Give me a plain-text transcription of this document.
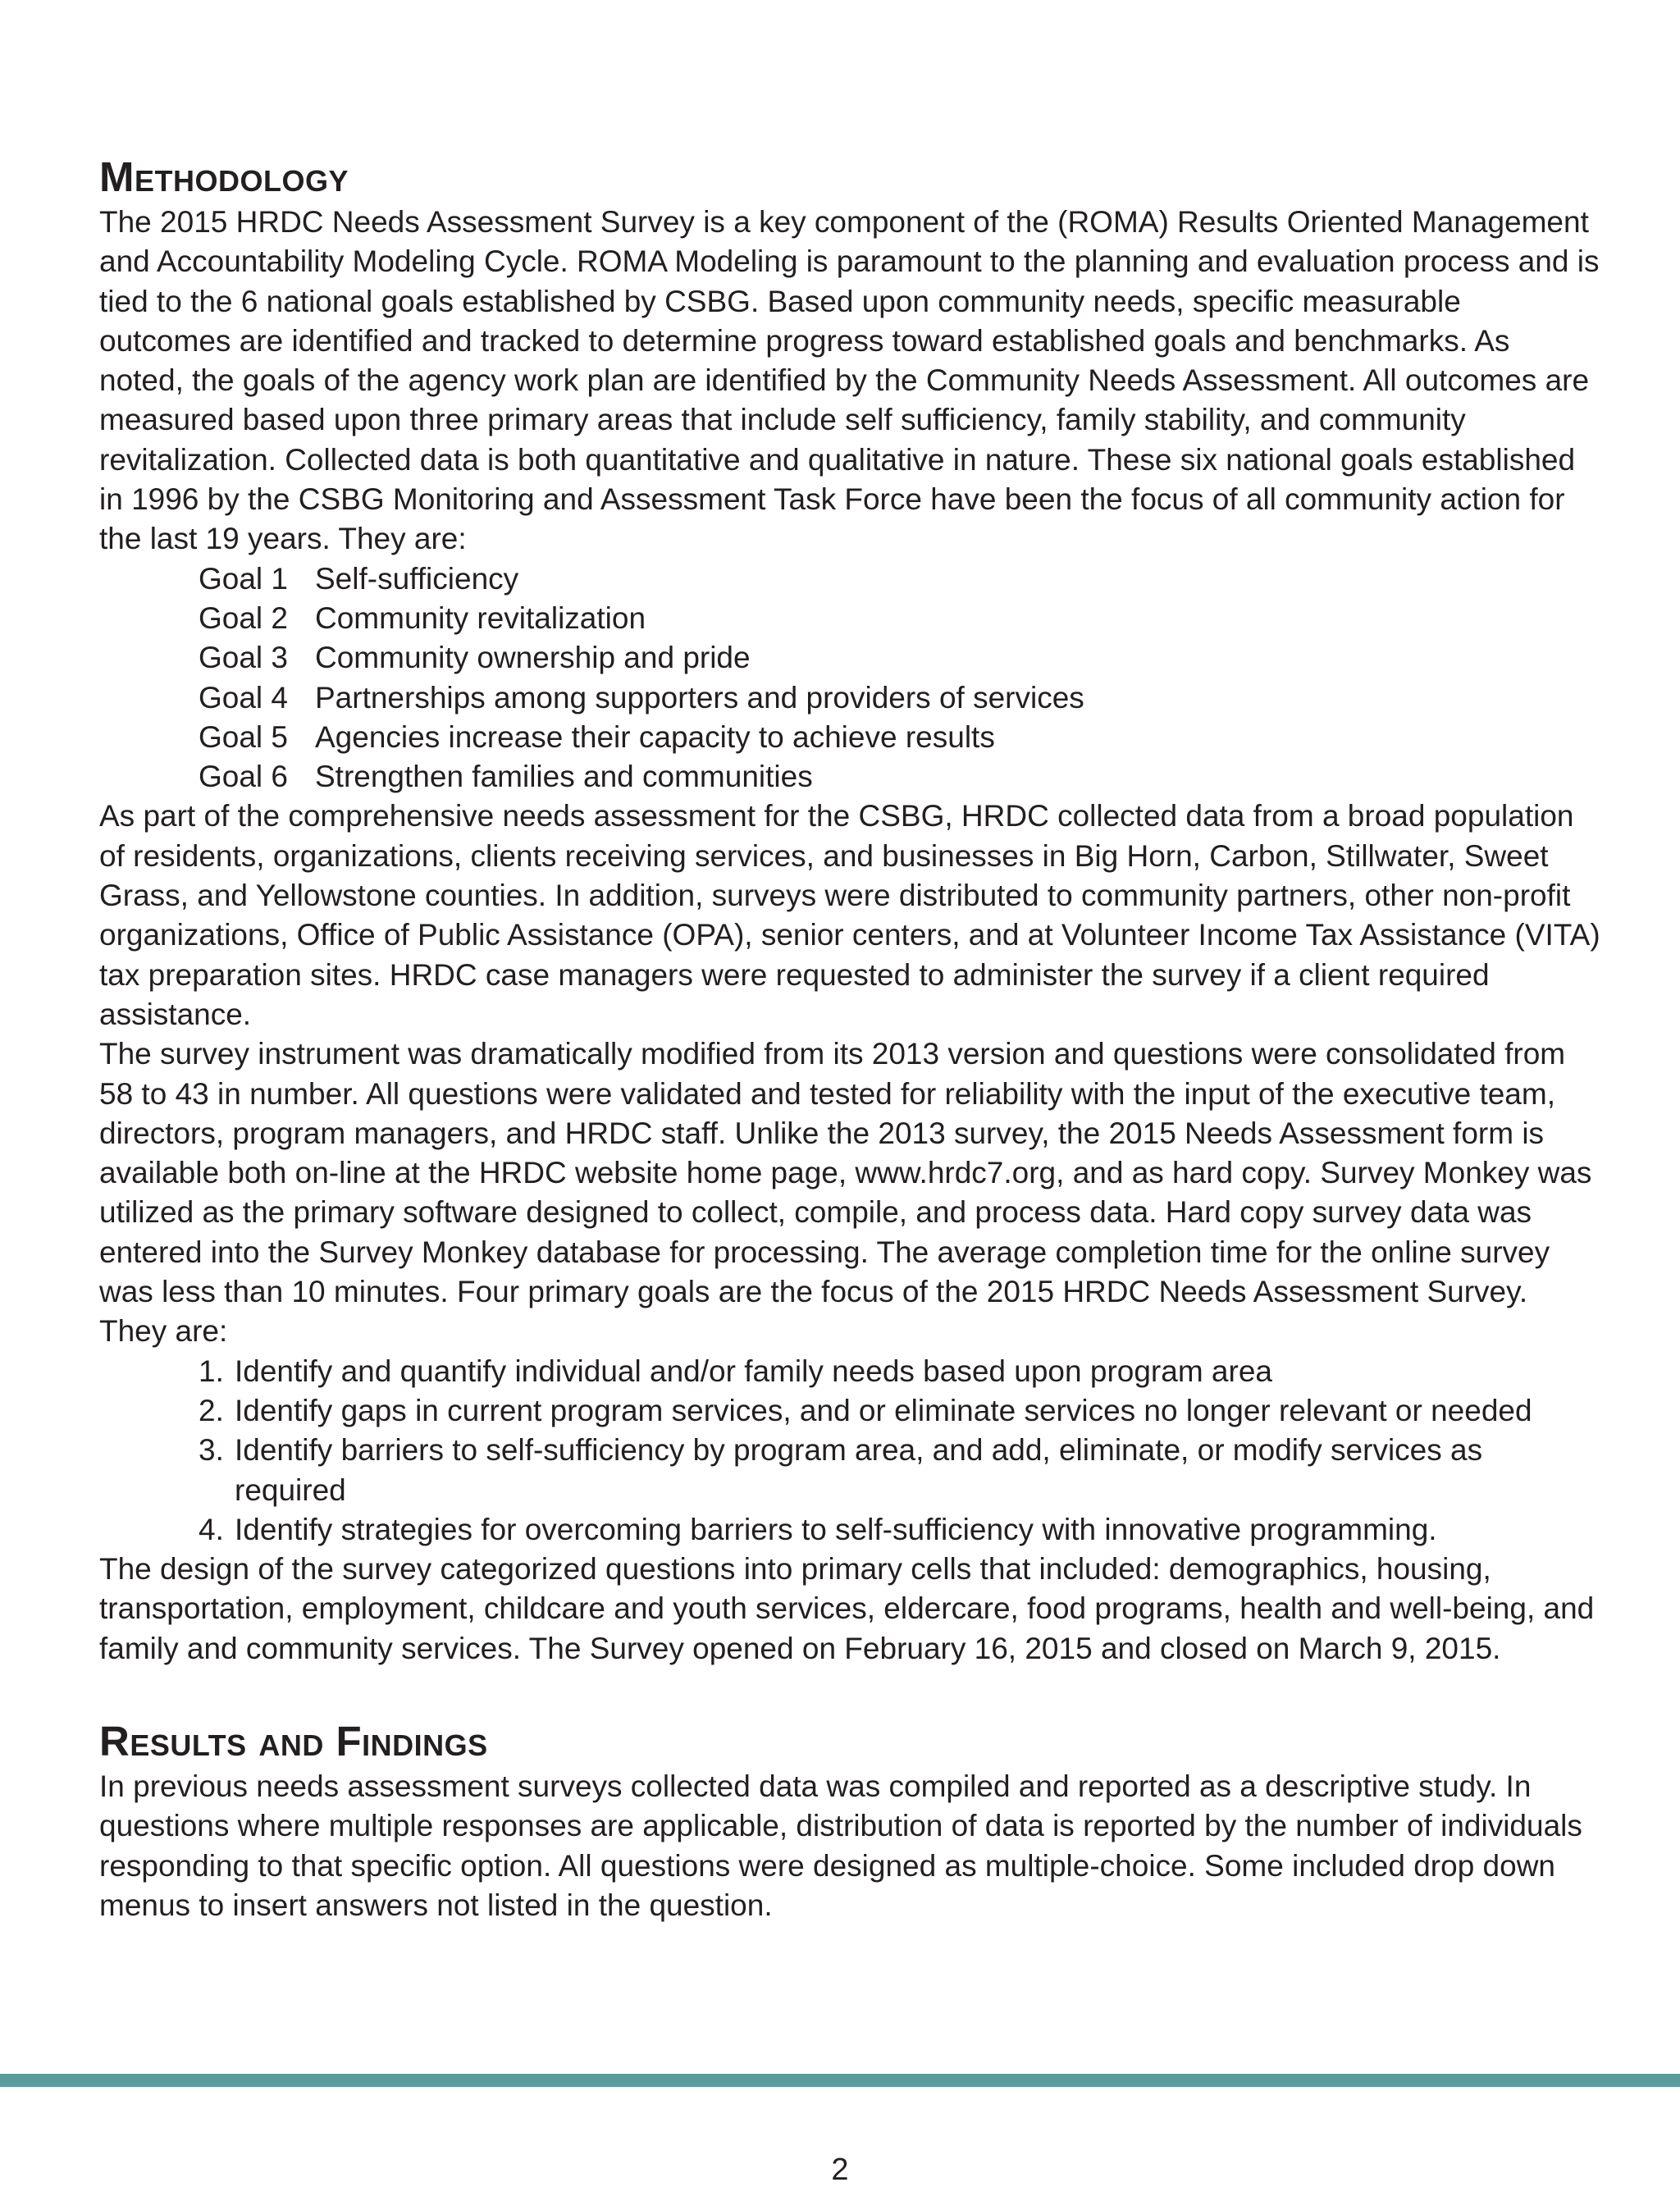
Methodology

The 2015 HRDC Needs Assessment Survey is a key component of the (ROMA) Results Oriented Management and Accountability Modeling Cycle. ROMA Modeling is paramount to the planning and evaluation process and is tied to the 6 national goals established by CSBG. Based upon community needs, specific measurable outcomes are identified and tracked to determine progress toward established goals and benchmarks. As noted, the goals of the agency work plan are identified by the Community Needs Assessment. All outcomes are measured based upon three primary areas that include self sufficiency, family stability, and community revitalization. Collected data is both quantitative and qualitative in nature. These six national goals established in 1996 by the CSBG Monitoring and Assessment Task Force have been the focus of all community action for the last 19 years. They are:

Goal 1 Self-sufficiency
Goal 2 Community revitalization
Goal 3 Community ownership and pride
Goal 4 Partnerships among supporters and providers of services
Goal 5 Agencies increase their capacity to achieve results
Goal 6 Strengthen families and communities

As part of the comprehensive needs assessment for the CSBG, HRDC collected data from a broad population of residents, organizations, clients receiving services, and businesses in Big Horn, Carbon, Stillwater, Sweet Grass, and Yellowstone counties. In addition, surveys were distributed to community partners, other non-profit organizations, Office of Public Assistance (OPA), senior centers, and at Volunteer Income Tax Assistance (VITA) tax preparation sites. HRDC case managers were requested to administer the survey if a client required assistance.

The survey instrument was dramatically modified from its 2013 version and questions were consolidated from 58 to 43 in number. All questions were validated and tested for reliability with the input of the executive team, directors, program managers, and HRDC staff. Unlike the 2013 survey, the 2015 Needs Assessment form is available both on-line at the HRDC website home page, www.hrdc7.org, and as hard copy. Survey Monkey was utilized as the primary software designed to collect, compile, and process data. Hard copy survey data was entered into the Survey Monkey database for processing. The average completion time for the online survey was less than 10 minutes. Four primary goals are the focus of the 2015 HRDC Needs Assessment Survey. They are:

1. Identify and quantify individual and/or family needs based upon program area
2. Identify gaps in current program services, and or eliminate services no longer relevant or needed
3. Identify barriers to self-sufficiency by program area, and add, eliminate, or modify services as required
4. Identify strategies for overcoming barriers to self-sufficiency with innovative programming.

The design of the survey categorized questions into primary cells that included: demographics, housing, transportation, employment, childcare and youth services, eldercare, food programs, health and well-being, and family and community services. The Survey opened on February 16, 2015 and closed on March 9, 2015.

Results and Findings

In previous needs assessment surveys collected data was compiled and reported as a descriptive study. In questions where multiple responses are applicable, distribution of data is reported by the number of individuals responding to that specific option. All questions were designed as multiple-choice. Some included drop down menus to insert answers not listed in the question.

2
